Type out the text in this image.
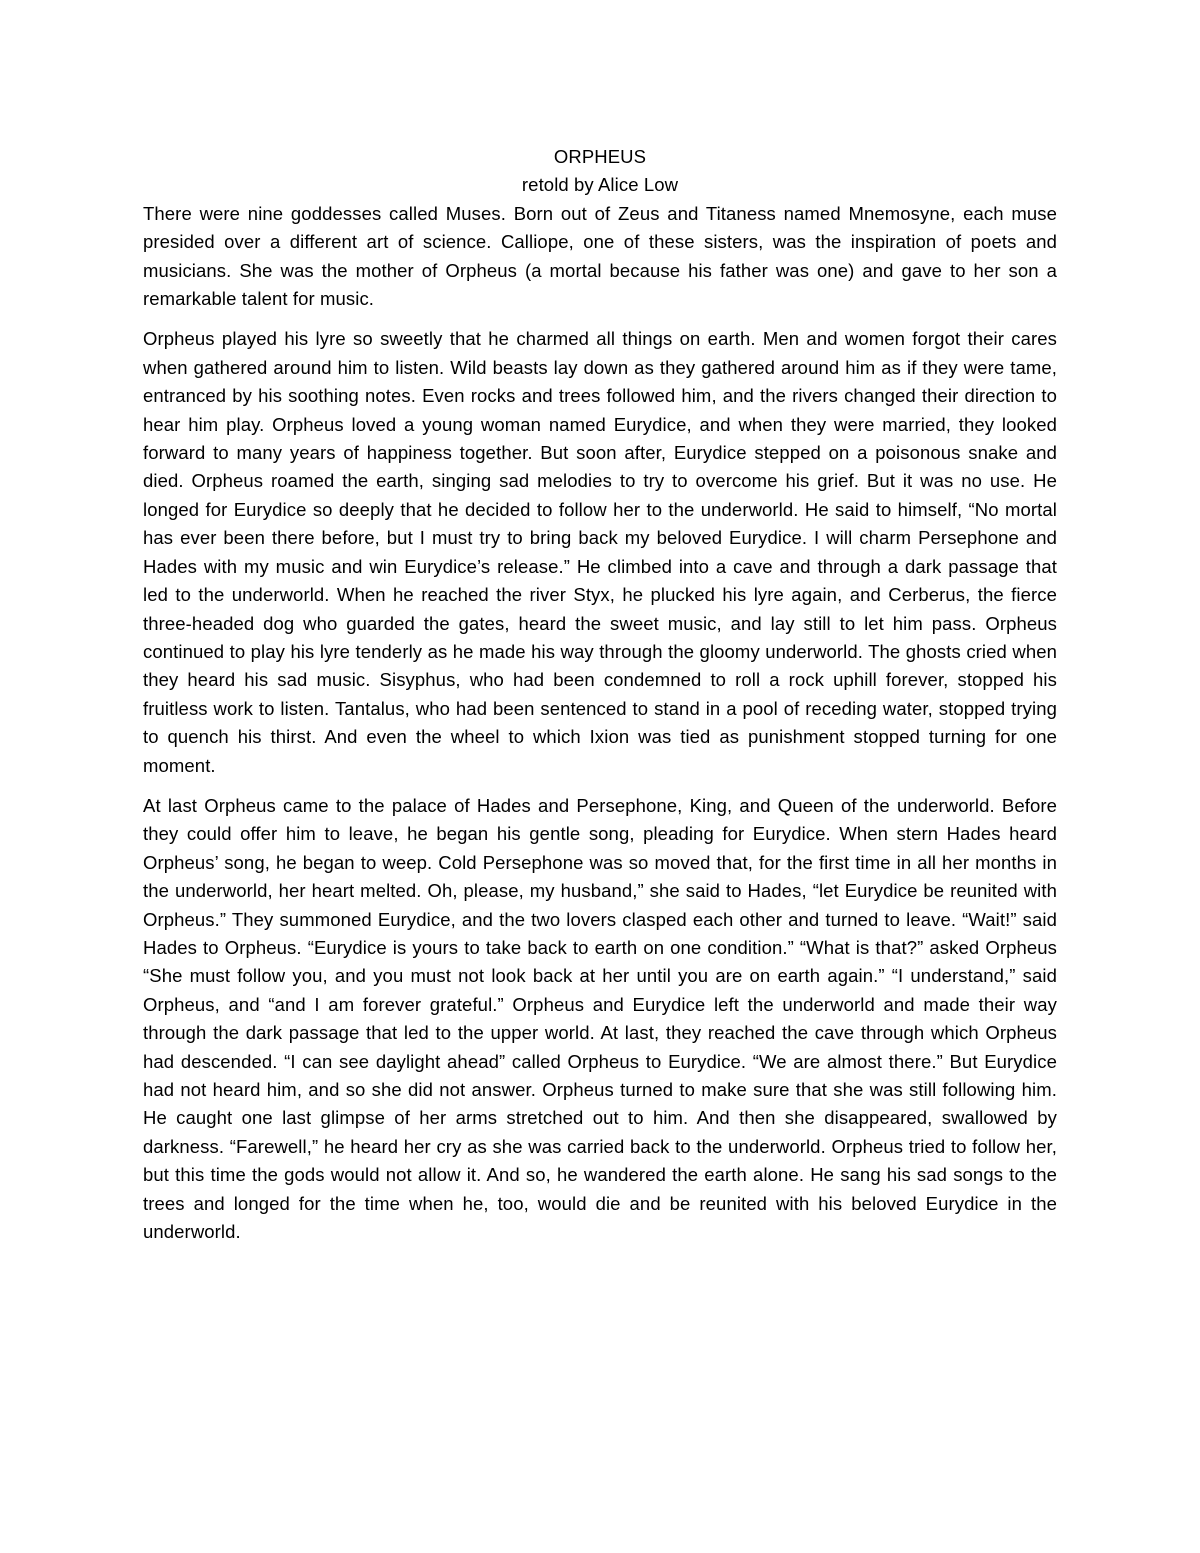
ORPHEUS

retold by Alice Low

There were nine goddesses called Muses. Born out of Zeus and Titaness named Mnemosyne, each muse presided over a different art of science. Calliope, one of these sisters, was the inspiration of poets and musicians. She was the mother of Orpheus (a mortal because his father was one) and gave to her son a remarkable talent for music.

Orpheus played his lyre so sweetly that he charmed all things on earth. Men and women forgot their cares when gathered around him to listen. Wild beasts lay down as they gathered around him as if they were tame, entranced by his soothing notes. Even rocks and trees followed him, and the rivers changed their direction to hear him play. Orpheus loved a young woman named Eurydice, and when they were married, they looked forward to many years of happiness together. But soon after, Eurydice stepped on a poisonous snake and died. Orpheus roamed the earth, singing sad melodies to try to overcome his grief. But it was no use. He longed for Eurydice so deeply that he decided to follow her to the underworld. He said to himself, “No mortal has ever been there before, but I must try to bring back my beloved Eurydice. I will charm Persephone and Hades with my music and win Eurydice’s release.” He climbed into a cave and through a dark passage that led to the underworld. When he reached the river Styx, he plucked his lyre again, and Cerberus, the fierce three-headed dog who guarded the gates, heard the sweet music, and lay still to let him pass. Orpheus continued to play his lyre tenderly as he made his way through the gloomy underworld. The ghosts cried when they heard his sad music. Sisyphus, who had been condemned to roll a rock uphill forever, stopped his fruitless work to listen. Tantalus, who had been sentenced to stand in a pool of receding water, stopped trying to quench his thirst. And even the wheel to which Ixion was tied as punishment stopped turning for one moment.

At last Orpheus came to the palace of Hades and Persephone, King, and Queen of the underworld. Before they could offer him to leave, he began his gentle song, pleading for Eurydice. When stern Hades heard Orpheus’ song, he began to weep. Cold Persephone was so moved that, for the first time in all her months in the underworld, her heart melted. Oh, please, my husband,” she said to Hades, “let Eurydice be reunited with Orpheus.” They summoned Eurydice, and the two lovers clasped each other and turned to leave. “Wait!” said Hades to Orpheus. “Eurydice is yours to take back to earth on one condition.” “What is that?” asked Orpheus “She must follow you, and you must not look back at her until you are on earth again.” “I understand,” said Orpheus, and “and I am forever grateful.” Orpheus and Eurydice left the underworld and made their way through the dark passage that led to the upper world. At last, they reached the cave through which Orpheus had descended. “I can see daylight ahead” called Orpheus to Eurydice. “We are almost there.” But Eurydice had not heard him, and so she did not answer. Orpheus turned to make sure that she was still following him. He caught one last glimpse of her arms stretched out to him. And then she disappeared, swallowed by darkness. “Farewell,” he heard her cry as she was carried back to the underworld. Orpheus tried to follow her, but this time the gods would not allow it. And so, he wandered the earth alone. He sang his sad songs to the trees and longed for the time when he, too, would die and be reunited with his beloved Eurydice in the underworld.
